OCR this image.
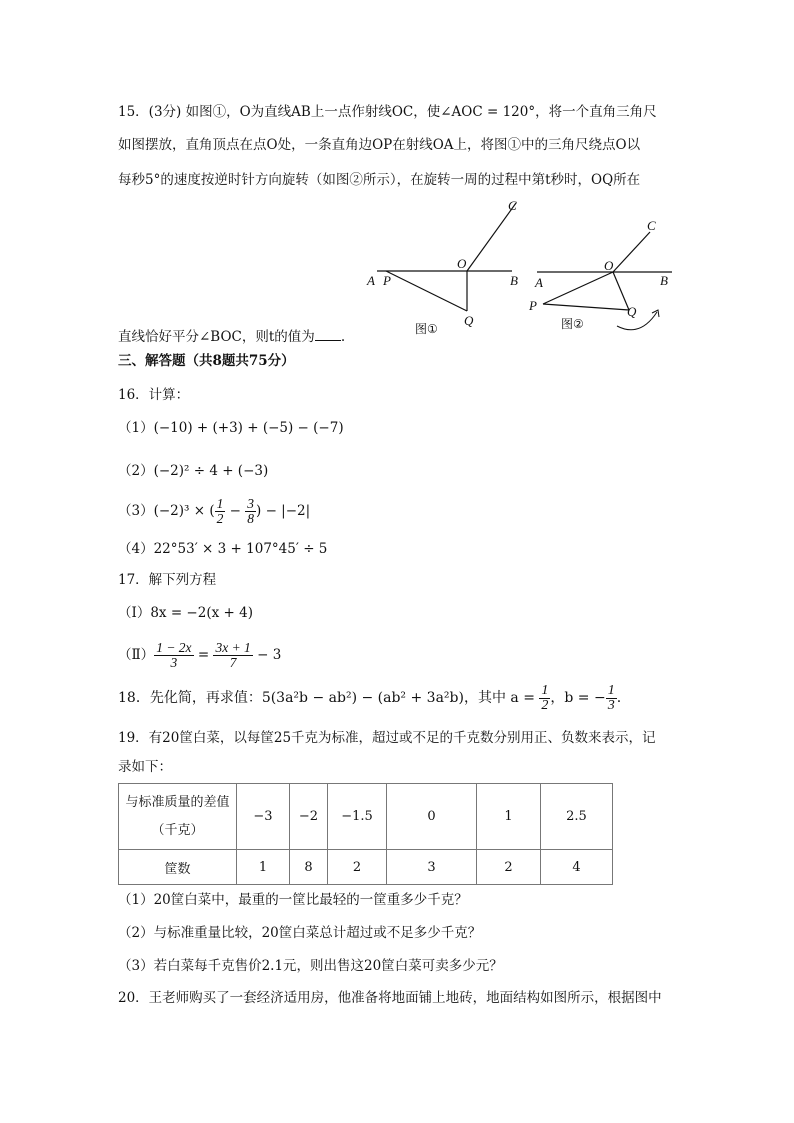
15．(3分) 如图①，O为直线AB上一点作射线OC，使∠AOC = 120°，将一个直角三角尺
如图摆放，直角顶点在点O处，一条直角边OP在射线OA上，将图①中的三角尺绕点O以
每秒5°的速度按逆时针方向旋转（如图②所示），在旋转一周的过程中第t秒时，OQ所在
C
O
A P	B
Q
图①
C
O
A
P
B
Q
图②
直线恰好平分∠BOC，则t的值为 .
三、解答题（共8题共75分）
16．计算：
（1）(−10) + (+3) + (−5) − (−7)
（2）(−2)² ÷ 4 + (−3)
（3）(−2)³ × ( $\frac{1}{2} - \frac{3}{8}$ ) − |−2|
（4）22°53′ × 3 + 107°45′ ÷ 5
17．解下列方程
（Ⅰ）8x = −2(x + 4)
（Ⅱ） $\frac{1 - 2x}{3} = \frac{3x + 1}{7} - 3$
18．先化简，再求值：5(3a²b − ab²) − (ab² + 3a²b)，其中 $a = \frac{1}{2}$ ，b = − $\frac{1}{3}$ .
19．有20筐白菜，以每筐25千克为标准，超过或不足的千克数分别用正、负数来表示，记
录如下：
与标准质量的差值
（千克）	−3	−2	−1.5	0	1	2.5
筐数	1	8	2	3	2	4
（1）20筐白菜中，最重的一筐比最轻的一筐重多少千克？
（2）与标准重量比较，20筐白菜总计超过或不足多少千克？
（3）若白菜每千克售价2.1元，则出售这20筐白菜可卖多少元？
20．王老师购买了一套经济适用房，他准备将地面铺上地砖，地面结构如图所示，根据图中
